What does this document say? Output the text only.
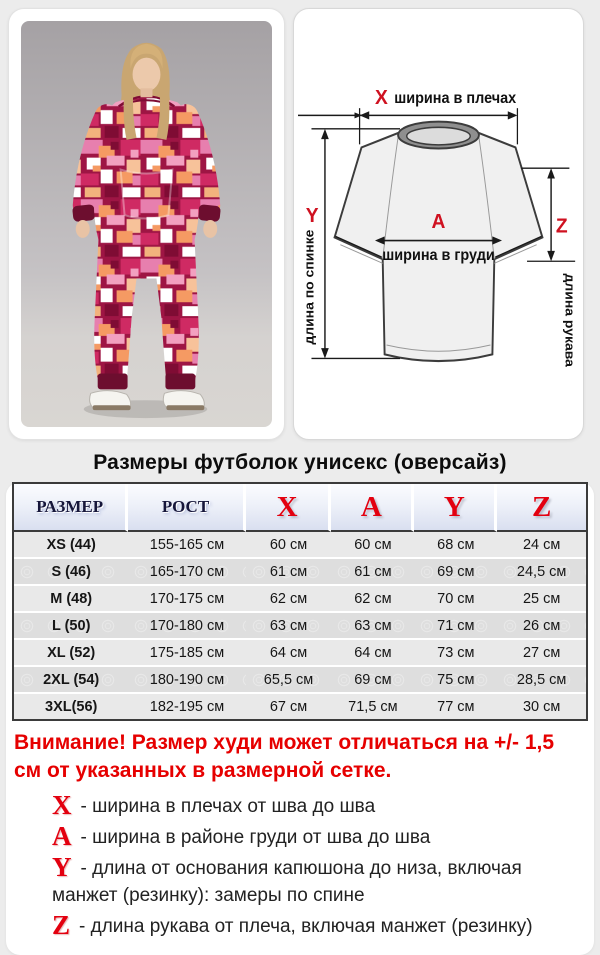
X ширина в плечах
Y
длина по спинке
A
ширина в груди
Z
длина рукава
Размеры футболок унисекс (оверсайз)
РАЗМЕР	РОСТ	X	A	Y	Z
XS (44)	155-165 см	60 см	60 см	68 см	24 см
S (46)	165-170 см	61 см	61 см	69 см	24,5 см
M (48)	170-175 см	62 см	62 см	70 см	25 см
L (50)	170-180 см	63 см	63 см	71 см	26 см
XL (52)	175-185 см	64 см	64 см	73 см	27 см
2XL (54)	180-190 см	65,5 см	69 см	75 см	28,5 см
3XL(56)	182-195 см	67 см	71,5 см	77 см	30 см

Внимание! Размер худи может отличаться на +/- 1,5 см от указанных в размерной сетке.

X - ширина в плечах от шва до шва
A - ширина в районе груди от шва до шва
Y - длина от основания капюшона до низа, включая манжет (резинку): замеры по спине
Z - длина рукава от плеча, включая манжет (резинку)
